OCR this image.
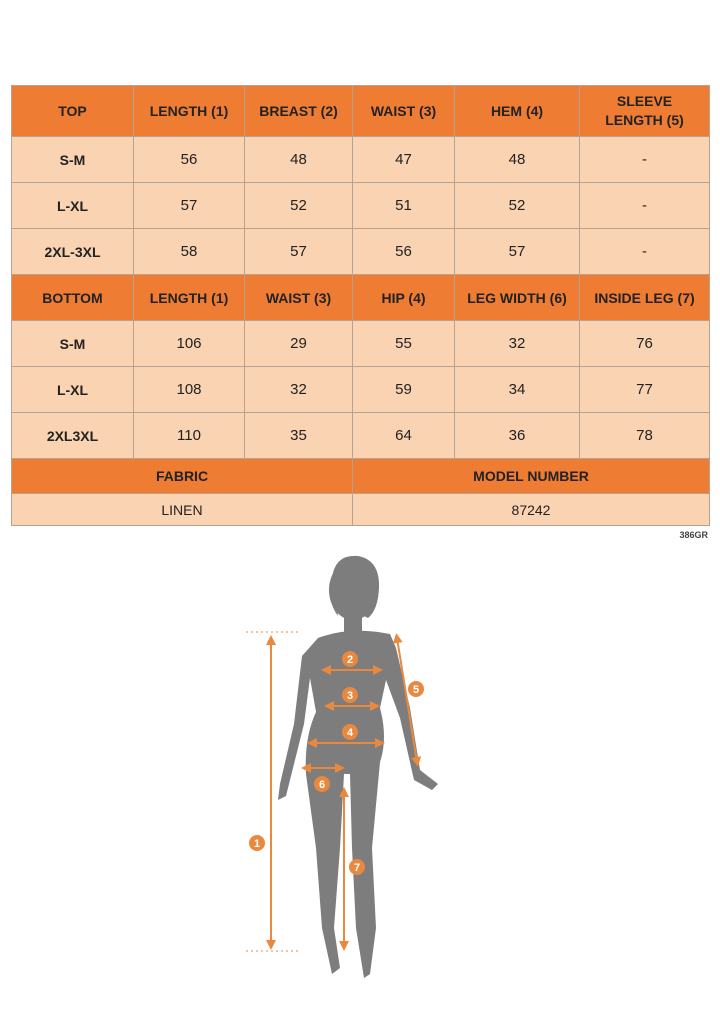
TOP	LENGTH (1)	BREAST (2)	WAIST (3)	HEM (4)	SLEEVE LENGTH (5)
S-M	56	48	47	48	-
L-XL	57	52	51	52	-
2XL-3XL	58	57	56	57	-
BOTTOM	LENGTH (1)	WAIST (3)	HIP (4)	LEG WIDTH (6)	INSIDE LEG (7)
S-M	106	29	55	32	76
L-XL	108	32	59	34	77
2XL3XL	110	35	64	36	78
FABRIC			MODEL NUMBER		
LINEN			87242		
386GR
1
2
3
4
5
6
7
